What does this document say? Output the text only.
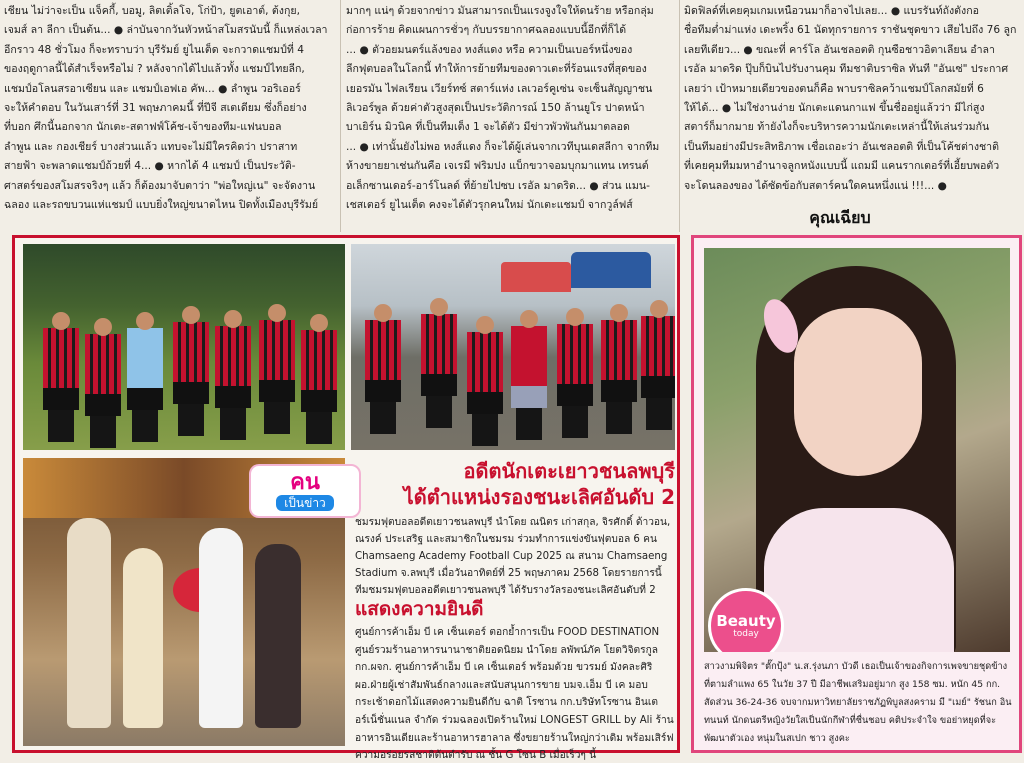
เชียน ไม่ว่าจะเป็น แจ็คกี้, บอมู, ลิตเติ้ลโจ, โก่ป้า, ยูตเอาต์, ต้งกุย,
เจมส์ ลา ลีกา เป็นต้น... ● ล่าบันจากวันหัวหน้าสโมสรนับนี้ ก็แหล่งเวลา
อีกราว 48 ชั่วโมง ก็จะทราบว่า บุรีรัมย์ ยูไนเต็ด จะกวาดแชมป์ที่ 4
ของฤดูกาลนี้ได้สำเร็จหรือไม่ ? หลังจากได้ไปแล้วทั้ง แชมป์ไทยลีก,
แชมป์อโลนสรอาเซียน และ แชมป์เอฟเอ คัพ... ● ลำพูน วอริเออร์
จะให้คำตอบ ในวันเสาร์ที่ 31 พฤษภาคมนี้ ที่ปีจี สเตเดียม ซึ่งก็อย่าง
ที่บอก ศึกนี้นอกจาก นักเตะ-สตาฟฟ์โค้ช-เจ้าของทีม-แฟนบอล
ลำพูน และ กองเชียร์ บางส่วนแล้ว แทบจะไม่มีใครคิดว่า ปราสาท
สายฟ้า จะพลาดแชมป์ถ้วยที่ 4... ● หากได้ 4 แชมป์ เป็นประวัติ-
ศาสตร์ของสโมสรจริงๆ แล้ว ก็ต้องมาจับตาว่า "พ่อใหญ่เน" จะจัดงาน
ฉลอง และรถขบวนแห่แชมป์ แบบยิ่งใหญ่ขนาดไหน ปิดทั้งเมืองบุรีรัมย์
มากๆ แน่ๆ ด้วยจากข่าว มันสามารถเป็นแรงจูงใจให้ดนร้าย หรือกลุ่ม
ก่อการร้าย คิดแผนการชั่วๆ กับบรรยากาศฉลองแบบนี้อีกที่ก็ได้
... ● ตัวอยมนตร์แล้งของ หงส์แดง หรือ ความเป็นเบอร์หนึ่งของ
ลีกฟุตบอลในโลกนี้ ทำให้การย้ายทีมของดาวเตะที่ร้อนแรงที่สุดของ
เยอรมัน ไฟลเรียน เวียร์ทซ์ สตาร์แห่ง เลเวอร์คูเซ่น จะเซ็นสัญญาชน
ลิเวอร์พูล ด้วยค่าตัวสูงสุดเป็นประวัติการณ์ 150 ล้านยูโร ปาดหน้า
บาเยิร์น มิวนิค ที่เป็นทีมเต็ง 1 จะได้ตัว มีข่าวพัวพันกันมาตลอด
... ● เท่านั้นยังไม่พอ หงส์แดง ก็จะได้ผู้เล่นจากเวทีบุนเดสลีกา จากทีม
ห้างขายยาเช่นกันคือ เจเรมี ฟริมปง แบ็กขวาจอมบุกมาแทน เทรนต์
อเล็กซานเดอร์-อาร์โนลด์ ที่ย้ายไปซบ เรอัล มาดริด... ● ส่วน แมน-
เชสเตอร์ ยูไนเต็ด คงจะได้ตัวรุกคนใหม่ นักเตะแชมป์ จากวูล์ฟส์
มิดฟิลด์ที่เคยคุมเกมเหนือวนมาก็อาจไปเลย... ● แบรรันท์ถังตังกอ
ชื่อทีมต่ำม่าแห่ง เดะพริ้ง 61 นัดทุกรายการ ราชันชุดขาว เสียไปถึง 76 ลูก
เลยทีเดียว... ● ขณะที่ คาร์โล อันเชลอตติ กุนซือชาวอิตาเลียน อำลา
เรอัล มาดริด ปุ๊บก็บินไปรับงานคุม ทีมชาติบราซิล ทันที "อันเซ่" ประกาศ
เลยว่า เป้าหมายเดียวของตนก็คือ พาบราซิลคว้าแชมป์โลกสมัยที่ 6
ให้ได้... ● ไม่ใช่งานง่าย นักเตะแดนกาแฟ ขึ้นชื่ออยู่แล้วว่า มีไก่สูง
สตาร์ก็มากมาย ท้ายังไงก็จะบริหารความนักเตะเหล่านี้ให้เล่นร่วมกัน
เป็นทีมอย่างมีประสิทธิภาพ เชื่อเถอะว่า อันเชลอตติ ที่เป็นโค้ชต่างชาติ
ที่เคยคุมทีมมหาอำนาจลูกหนังแบบนี้ แถมมี แคนรากเตอร์ที่เอี้ยบพอตัว
จะโดนลองของ ได้ซัดข้อกับสตาร์คนใดคนหนึ่งแน่ !!!... ●
คน
เป็นข่าว
อดีตนักเตะเยาวชนลพบุรี
ได้ตำแหน่งรองชนะเลิศอันดับ 2
ชมรมฟุตบอลอดีตเยาวชนลพบุรี นำโดย ณนิตร เก่าสกุล, จิรศักดิ์ ด้าวอน, ณรงค์ ประเสริฐ และสมาชิกในชมรม ร่วมทำการแข่งขันฟุตบอล 6 คน Chamsaeng Academy Football Cup 2025 ณ สนาม Chamsaeng Stadium จ.ลพบุรี เมื่อวันอาทิตย์ที่ 25 พฤษภาคม 2568 โดยรายการนี้ ทีมชมรมฟุตบอลอดีตเยาวชนลพบุรี ได้รับรางวัลรองชนะเลิศอันดับที่ 2
แสดงความยินดี
ศูนย์การค้าเอ็ม บี เค เซ็นเตอร์ ตอกย้ำการเป็น FOOD DESTINATION ศูนย์รวมร้านอาหารนานาชาติยอดนิยม นำโดย ลพัพน์ภัค โยตวิจิตรกูล กก.ผจก. ศูนย์การค้าเอ็ม บี เค เซ็นเตอร์ พร้อมด้วย ขวรมย์ มังคละศิริ ผอ.ฝ่ายผู้เช่าสัมพันธ์กลางและสนับสนุนการขาย บมจ.เอ็ม บี เค มอบกระเช้าดอกไม้แสดงความยินดีกับ ฉาติ โรซาน กก.บริษัทโรซาน อินเตอร์เน็ชั่นแนล จำกัด ร่วมฉลองเปิดร้านใหม่ LONGEST GRILL by Ali ร้านอาหารอินเดียและร้านอาหารฮาลาล ซึ่งขยายร้านใหญ่กว่าเดิม พร้อมเสิร์ฟความอร่อยรสชาติต้นตำรับ ณ ชั้น G โซน B เมื่อเร็วๆ นี้
คุณเฉียบ
Beauty
today
สาวงามพิจิตร "ตั๊กปุ้ง" น.ส.รุ่งนภา บัวดี เธอเป็นเจ้าของกิจการเพจขายชุดข้างที่ตามลำแพง 65 ในวัย 37 ปี มีอาชีพเสริมอยู่มาก สูง 158 ซม. หนัก 45 กก. สัดส่วน 36-24-36 จบจากมหาวิทยาลัยราชภัฏพิบูลสงคราม มี "เมย์" รัชนก อินทนนท์ นักดนตรีหญิงวัยใสเป็นนักกีฬาที่ชื่นชอบ คติประจำใจ ขอย่าหยุดที่จะพัฒนาตัวเอง หนุ่มในสเปก ชาว สูงคะ
